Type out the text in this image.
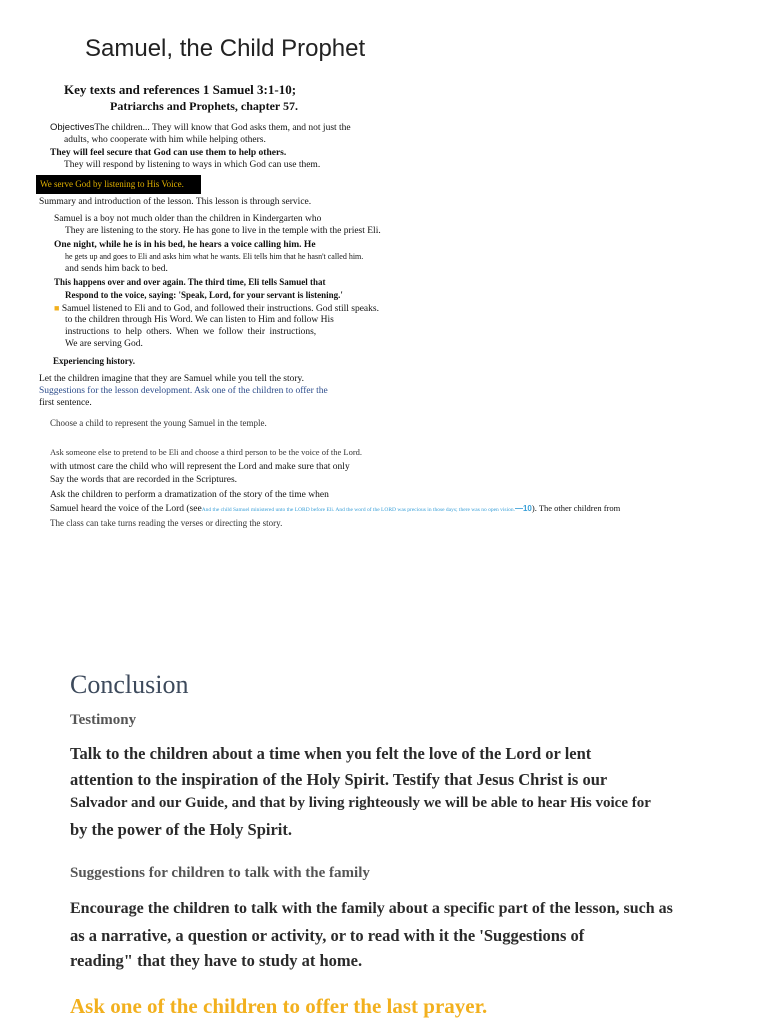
Samuel, the Child Prophet
Key texts and references 1 Samuel 3:1-10;
Patriarchs and Prophets, chapter 57.
ObjectivesThe children... They will know that God asks them, and not just the
adults, who cooperate with him while helping others.
They will feel secure that God can use them to help others.
They will respond by listening to ways in which God can use them.
We serve God by listening to His Voice.
Summary and introduction of the lesson. This lesson is through service.
Samuel is a boy not much older than the children in Kindergarten who
They are listening to the story. He has gone to live in the temple with the priest Eli.
One night, while he is in his bed, he hears a voice calling him. He
he gets up and goes to Eli and asks him what he wants. Eli tells him that he hasn't called him.
and sends him back to bed.
This happens over and over again. The third time, Eli tells Samuel that
Respond to the voice, saying: 'Speak, Lord, for your servant is listening.'
■ Samuel listened to Eli and to God, and followed their instructions. God still speaks.
to the children through His Word. We can listen to Him and follow His
instructions to help others. When we follow their instructions,
We are serving God.
Experiencing history.
Let the children imagine that they are Samuel while you tell the story.
Suggestions for the lesson development. Ask one of the children to offer the
first sentence.
Choose a child to represent the young Samuel in the temple.
Ask someone else to pretend to be Eli and choose a third person to be the voice of the Lord.
with utmost care the child who will represent the Lord and make sure that only
Say the words that are recorded in the Scriptures.
Ask the children to perform a dramatization of the story of the time when
Samuel heard the voice of the Lord (seeAnd the child Samuel ministered unto the LORD before Eli. And the word of the LORD was precious in those days; there was no open vision.—10). The other children from
The class can take turns reading the verses or directing the story.
Conclusion
Testimony
Talk to the children about a time when you felt the love of the Lord or lent
attention to the inspiration of the Holy Spirit. Testify that Jesus Christ is our
Salvador and our Guide, and that by living righteously we will be able to hear His voice for
by the power of the Holy Spirit.
Suggestions for children to talk with the family
Encourage the children to talk with the family about a specific part of the lesson, such as
as a narrative, a question or activity, or to read with it the 'Suggestions of
reading" that they have to study at home.
Ask one of the children to offer the last prayer.
